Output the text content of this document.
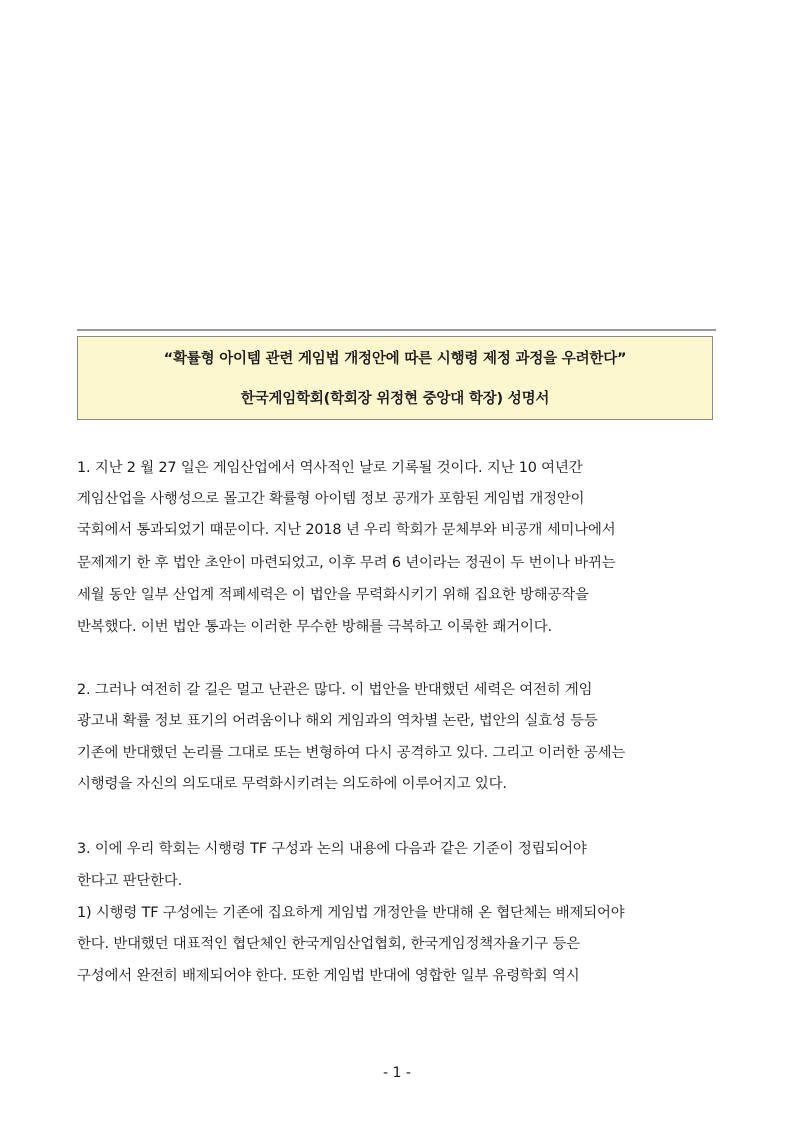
“확률형 아이템 관련 게임법 개정안에 따른 시행령 제정 과정을 우려한다”
한국게임학회(학회장 위정현 중앙대 학장) 성명서
1. 지난 2 월 27 일은 게임산업에서 역사적인 날로 기록될 것이다. 지난 10 여년간
게임산업을 사행성으로 몰고간 확률형 아이템 정보 공개가 포함된 게임법 개정안이
국회에서 통과되었기 때문이다. 지난 2018 년 우리 학회가 문체부와 비공개 세미나에서
문제제기 한 후 법안 초안이 마련되었고, 이후 무려 6 년이라는 정권이 두 번이나 바뀌는
세월 동안 일부 산업계 적폐세력은 이 법안을 무력화시키기 위해 집요한 방해공작을
반복했다. 이번 법안 통과는 이러한 무수한 방해를 극복하고 이룩한 쾌거이다.
2. 그러나 여전히 갈 길은 멀고 난관은 많다. 이 법안을 반대했던 세력은 여전히 게임
광고내 확률 정보 표기의 어려움이나 해외 게임과의 역차별 논란, 법안의 실효성 등등
기존에 반대했던 논리를 그대로 또는 변형하여 다시 공격하고 있다. 그리고 이러한 공세는
시행령을 자신의 의도대로 무력화시키려는 의도하에 이루어지고 있다.
3. 이에 우리 학회는 시행령 TF 구성과 논의 내용에 다음과 같은 기준이 정립되어야
한다고 판단한다.
1) 시행령 TF 구성에는 기존에 집요하게 게임법 개정안을 반대해 온 협단체는 배제되어야
한다. 반대했던 대표적인 협단체인 한국게임산업협회, 한국게임정책자율기구 등은
구성에서 완전히 배제되어야 한다. 또한 게임법 반대에 영합한 일부 유령학회 역시
- 1 -
